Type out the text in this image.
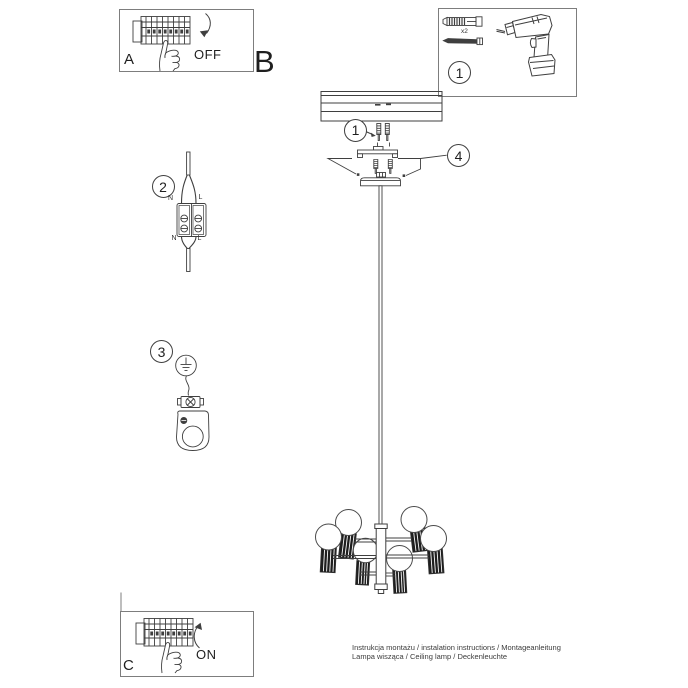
A	OFF B
C
ON
x2
1
1
2
3
4
N	L
N	L
Instrukcja montażu / instalation instructions / Montageanleitung
Lampa wisząca / Ceiling lamp / Deckenleuchte
